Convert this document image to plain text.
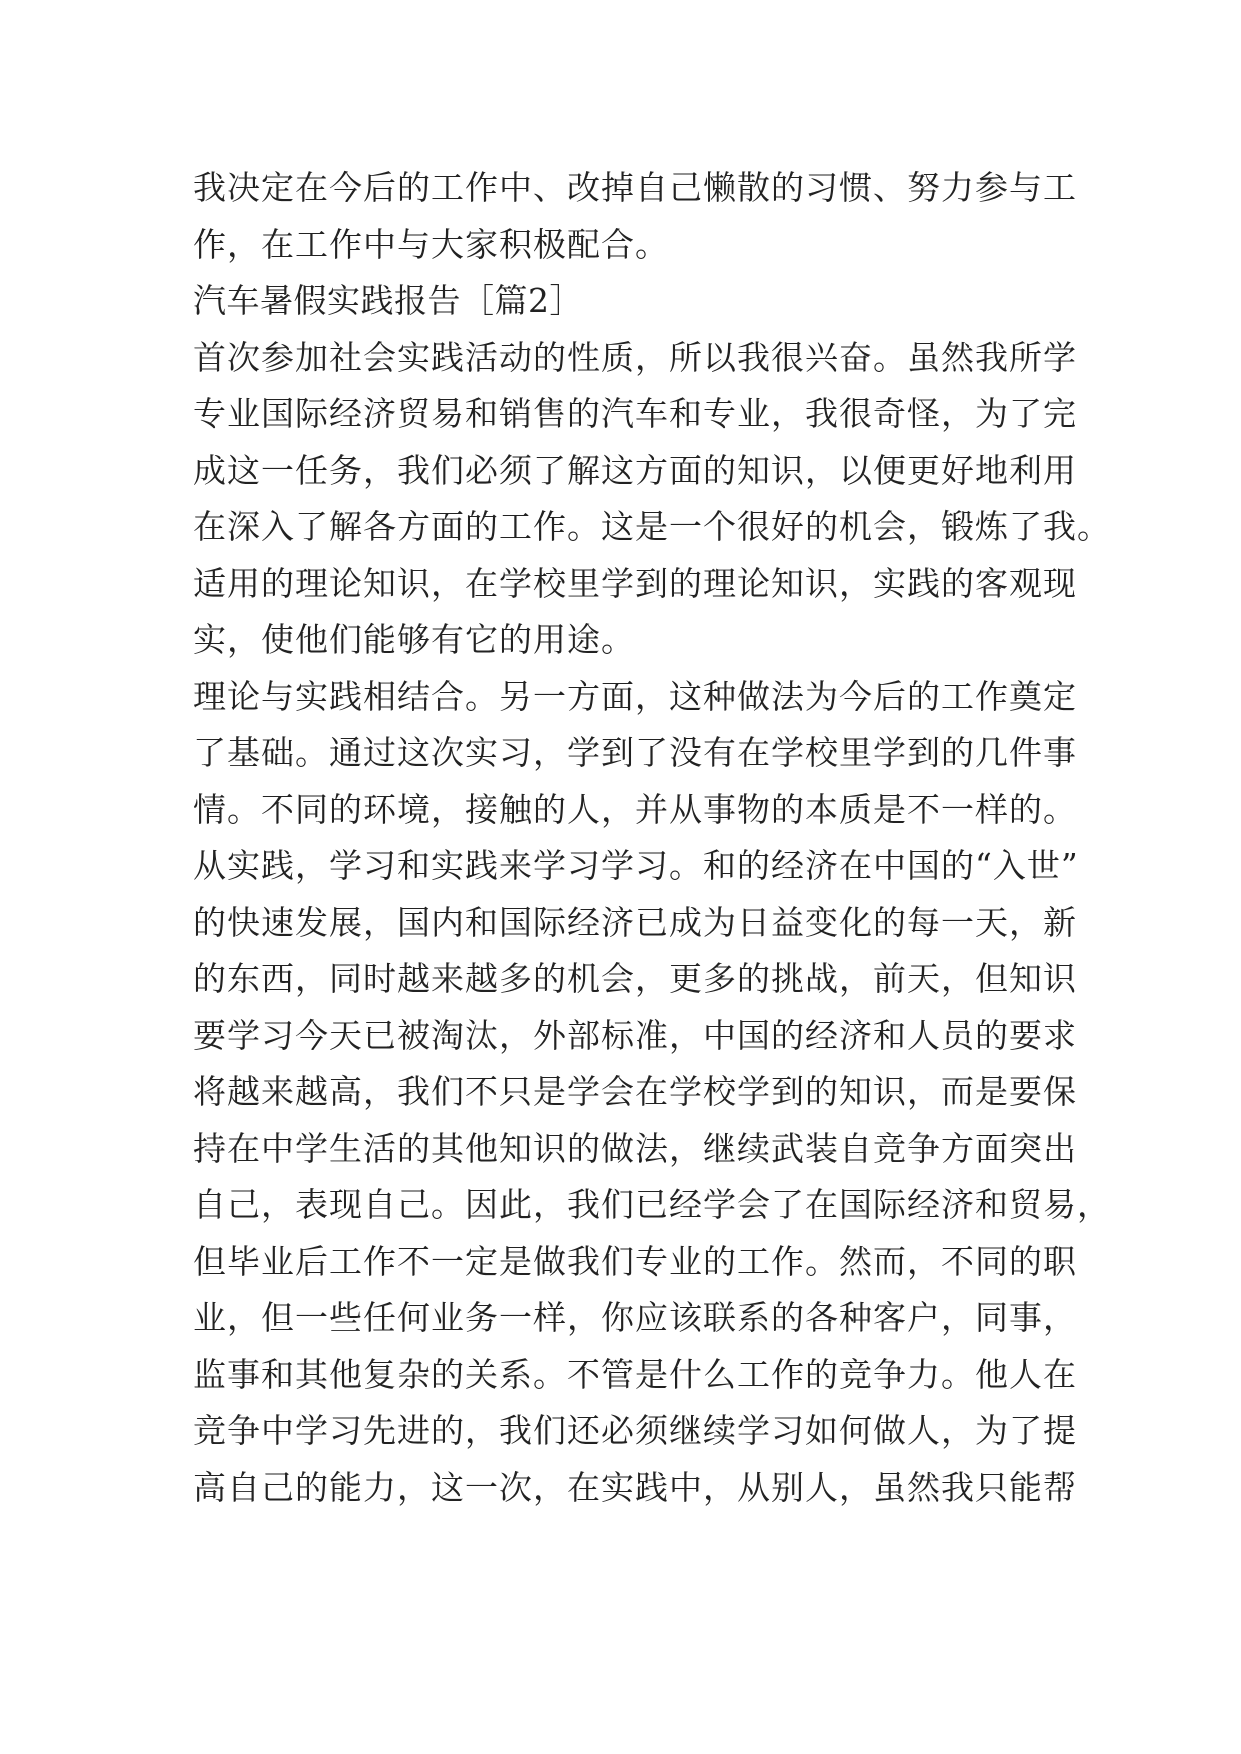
我决定在今后的工作中、改掉自己懒散的习惯、努力参与工
作，在工作中与大家积极配合。
汽车暑假实践报告［篇2］
首次参加社会实践活动的性质，所以我很兴奋。虽然我所学
专业国际经济贸易和销售的汽车和专业，我很奇怪，为了完
成这一任务，我们必须了解这方面的知识，以便更好地利用
在深入了解各方面的工作。这是一个很好的机会，锻炼了我。
适用的理论知识，在学校里学到的理论知识，实践的客观现
实，使他们能够有它的用途。
理论与实践相结合。另一方面，这种做法为今后的工作奠定
了基础。通过这次实习，学到了没有在学校里学到的几件事
情。不同的环境，接触的人，并从事物的本质是不一样的。
从实践，学习和实践来学习学习。和的经济在中国的“入世”
的快速发展，国内和国际经济已成为日益变化的每一天，新
的东西，同时越来越多的机会，更多的挑战，前天，但知识
要学习今天已被淘汰，外部标准，中国的经济和人员的要求
将越来越高，我们不只是学会在学校学到的知识，而是要保
持在中学生活的其他知识的做法，继续武装自竞争方面突出
自己，表现自己。因此，我们已经学会了在国际经济和贸易，
但毕业后工作不一定是做我们专业的工作。然而，不同的职
业，但一些任何业务一样，你应该联系的各种客户，同事，
监事和其他复杂的关系。不管是什么工作的竞争力。他人在
竞争中学习先进的，我们还必须继续学习如何做人，为了提
高自己的能力，这一次，在实践中，从别人，虽然我只能帮
